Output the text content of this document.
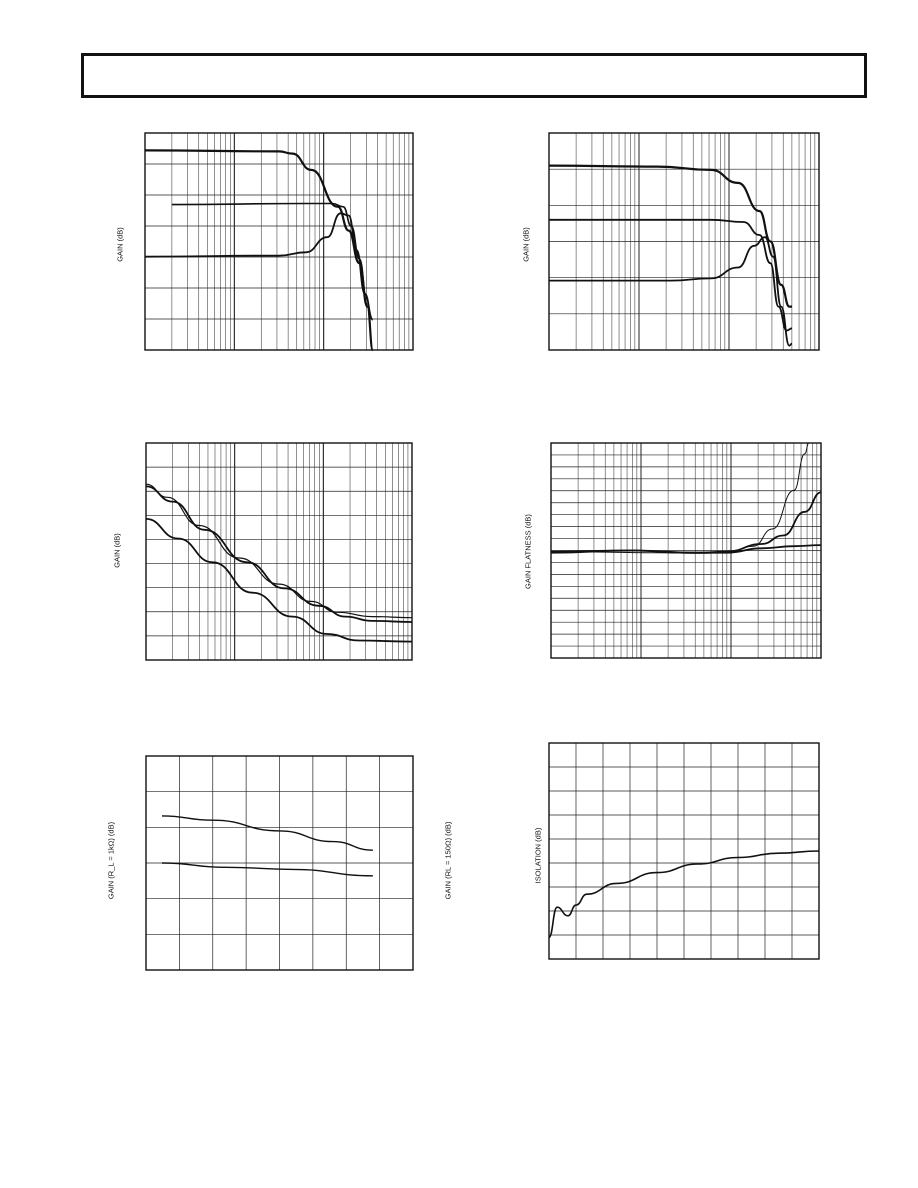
GAIN (dB)	GAIN (dB)
GAIN (dB)	GAIN FLATNESS (dB)
GAIN (R_L = 1kΩ) (dB)	GAIN (RL = 150Ω) (dB)	ISOLATION (dB)
